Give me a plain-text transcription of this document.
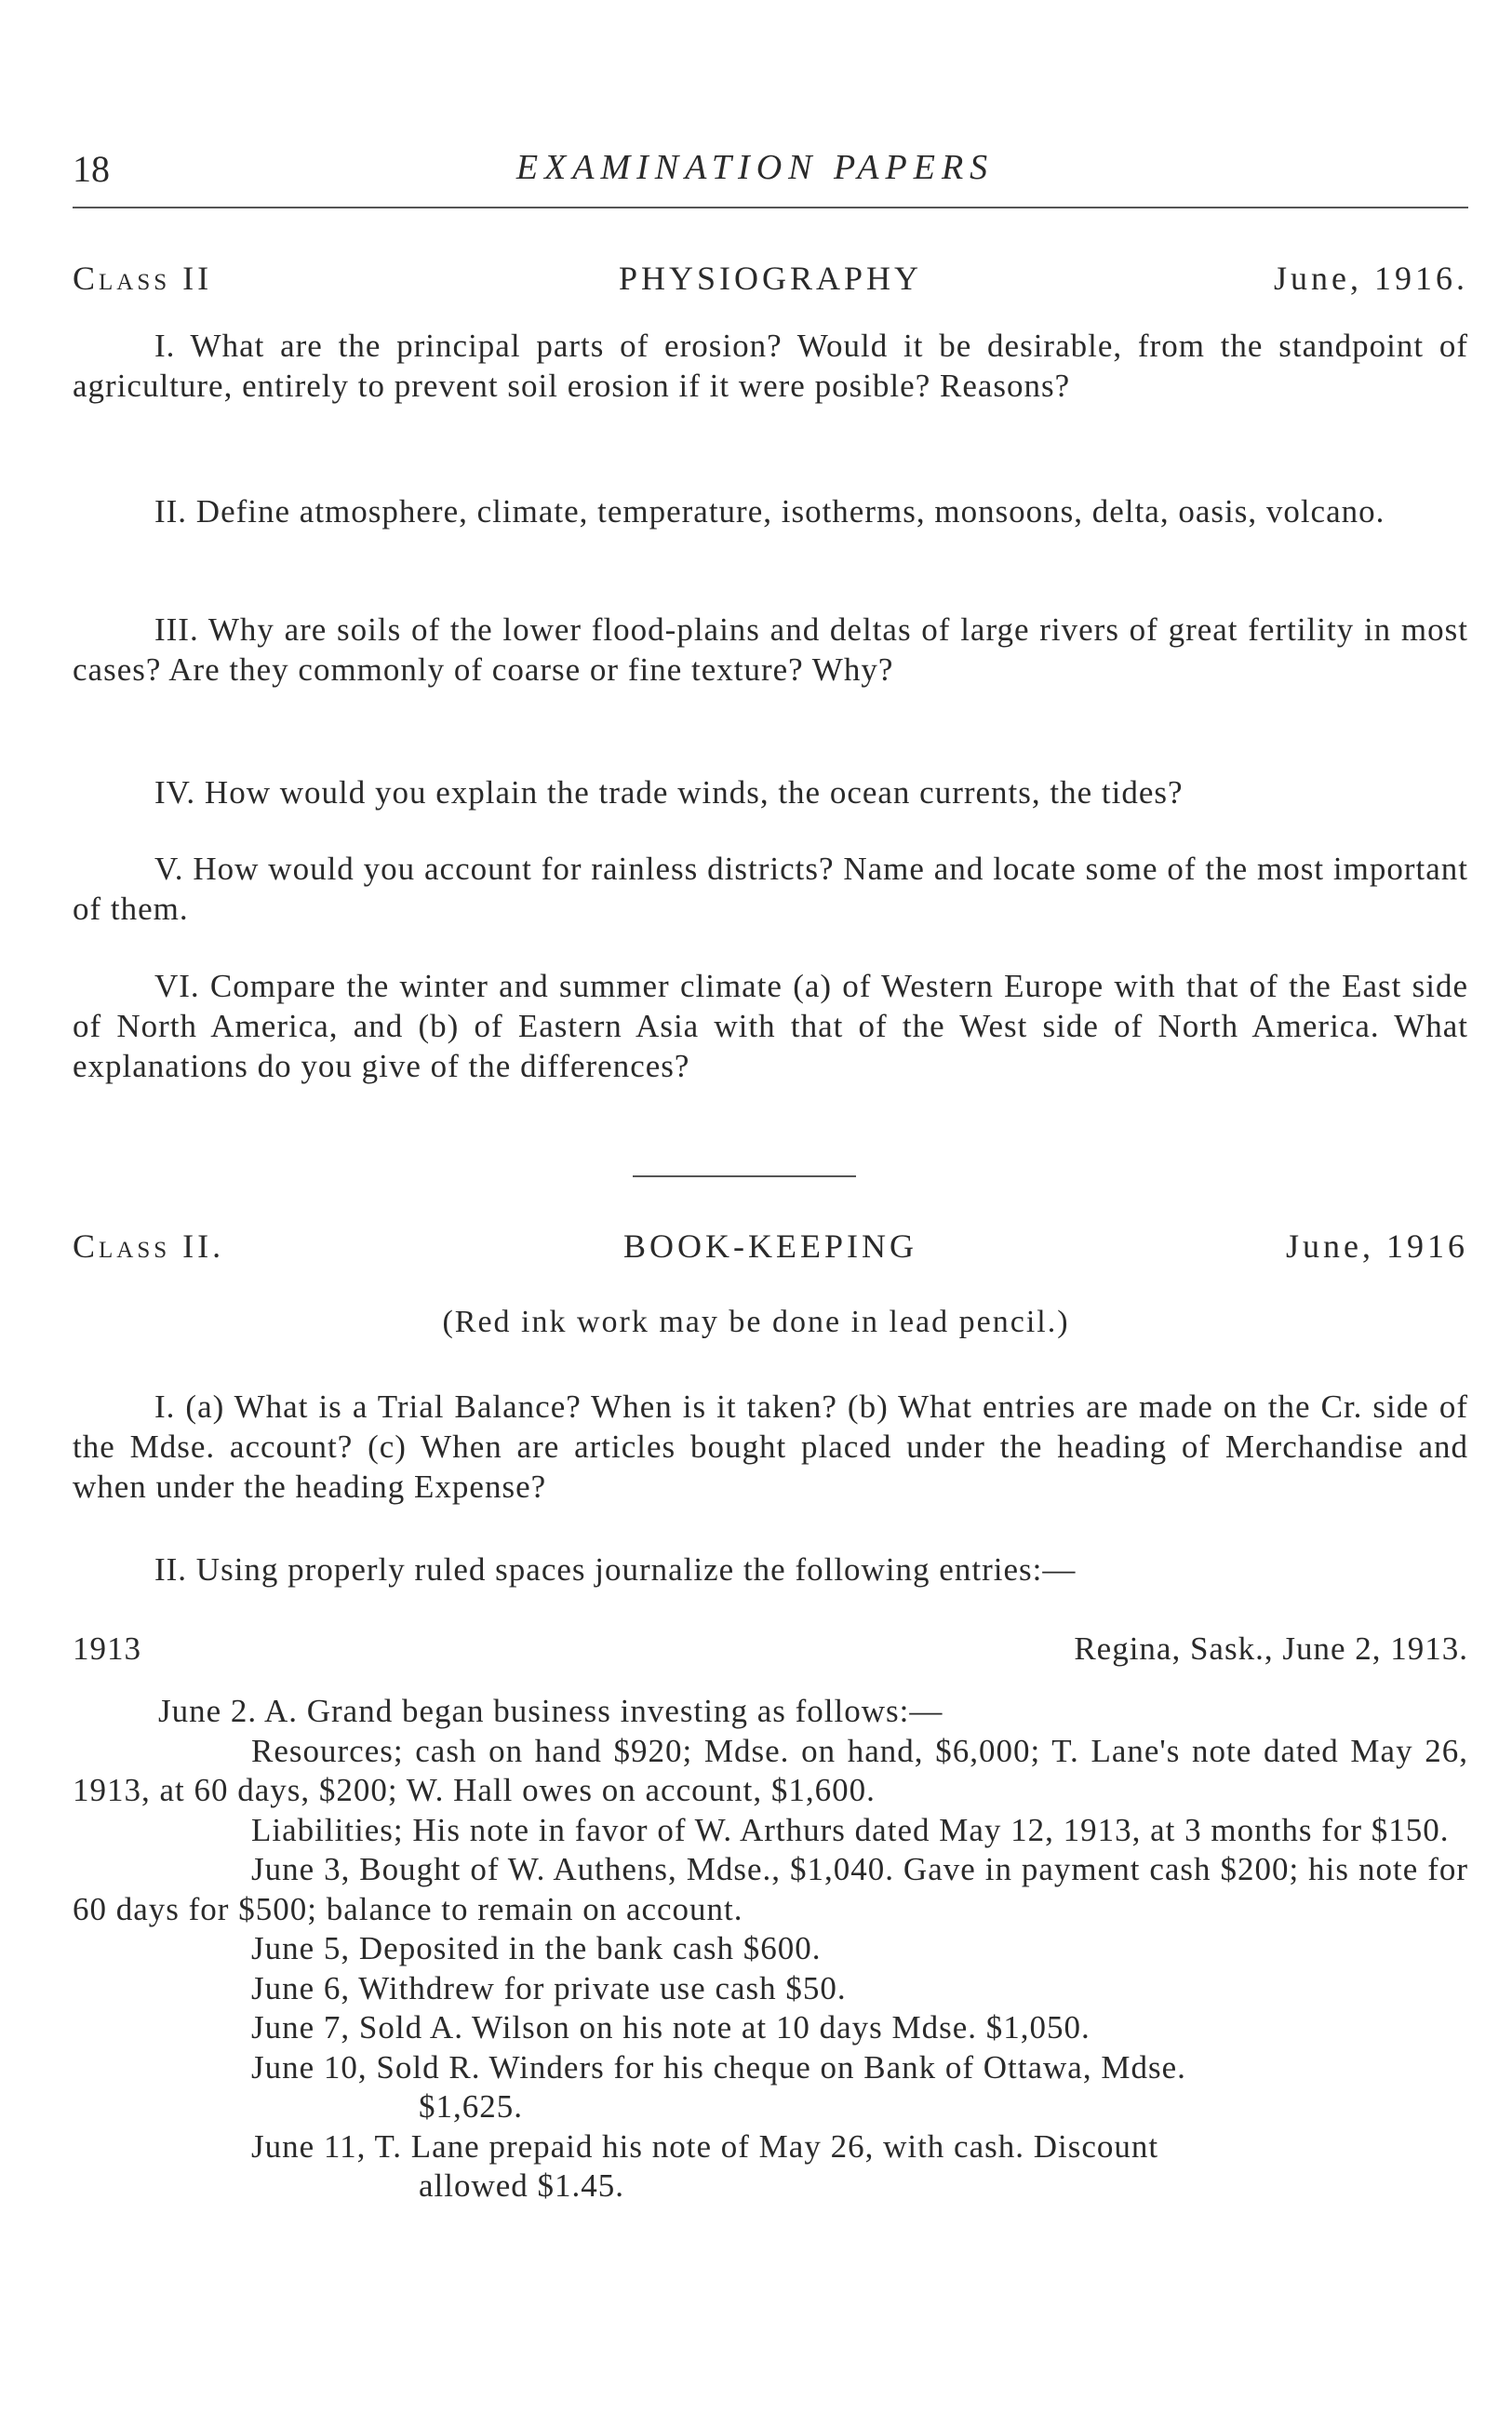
18	EXAMINATION PAPERS
Class II	PHYSIOGRAPHY	June, 1916.

I. What are the principal parts of erosion? Would it be desirable, from the standpoint of agriculture, entirely to prevent soil erosion if it were posible? Reasons?

II. Define atmosphere, climate, temperature, isotherms, monsoons, delta, oasis, volcano.

III. Why are soils of the lower flood-plains and deltas of large rivers of great fertility in most cases? Are they commonly of coarse or fine texture? Why?

IV. How would you explain the trade winds, the ocean currents, the tides?

V. How would you account for rainless districts? Name and locate some of the most important of them.

VI. Compare the winter and summer climate (a) of Western Europe with that of the East side of North America, and (b) of Eastern Asia with that of the West side of North America. What explanations do you give of the differences?

Class II.	BOOK-KEEPING	June, 1916
(Red ink work may be done in lead pencil.)

I. (a) What is a Trial Balance? When is it taken? (b) What entries are made on the Cr. side of the Mdse. account? (c) When are articles bought placed under the heading of Merchandise and when under the heading Expense?

II. Using properly ruled spaces journalize the following entries:—

1913	Regina, Sask., June 2, 1913.

June 2. A. Grand began business investing as follows:—

Resources; cash on hand $920; Mdse. on hand, $6,000; T. Lane's note dated May 26, 1913, at 60 days, $200; W. Hall owes on account, $1,600.

Liabilities; His note in favor of W. Arthurs dated May 12, 1913, at 3 months for $150.

June 3, Bought of W. Authens, Mdse., $1,040. Gave in payment cash $200; his note for 60 days for $500; balance to remain on account.

June 5, Deposited in the bank cash $600.

June 6, Withdrew for private use cash $50.

June 7, Sold A. Wilson on his note at 10 days Mdse. $1,050.

June 10, Sold R. Winders for his cheque on Bank of Ottawa, Mdse.
$1,625.

June 11, T. Lane prepaid his note of May 26, with cash. Discount
allowed $1.45.
